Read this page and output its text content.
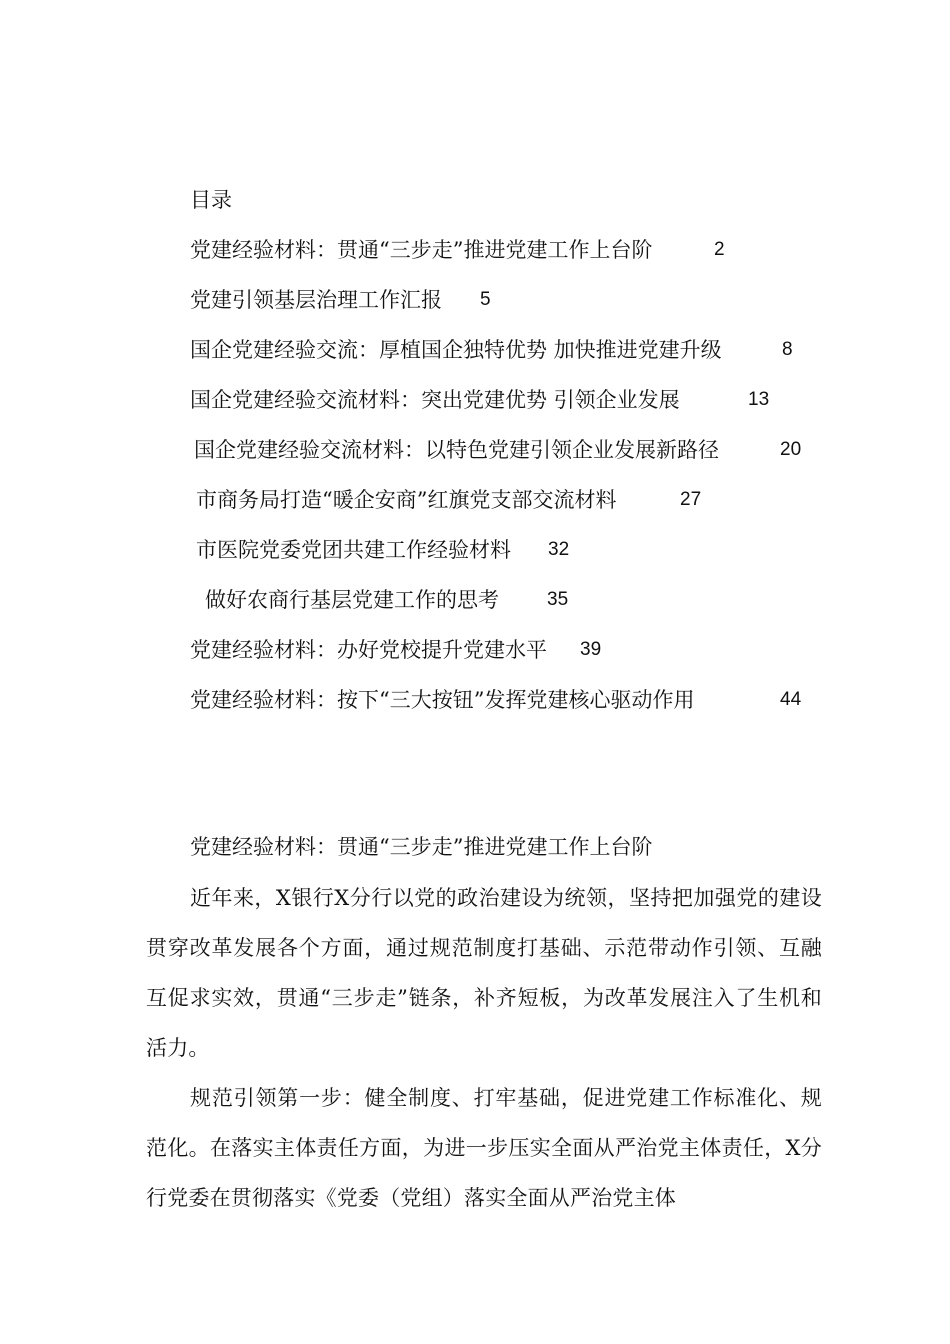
目录
党建经验材料：贯通“三步走”推进党建工作上台阶	2
党建引领基层治理工作汇报 5
国企党建经验交流：厚植国企独特优势 加快推进党建升级	8
国企党建经验交流材料：突出党建优势 引领企业发展	13
国企党建经验交流材料：以特色党建引领企业发展新路径	20
市商务局打造“暖企安商”红旗党支部交流材料	27
市医院党委党团共建工作经验材料 32
做好农商行基层党建工作的思考	35
党建经验材料：办好党校提升党建水平 39
党建经验材料：按下“三大按钮”发挥党建核心驱动作用	44
党建经验材料：贯通“三步走”推进党建工作上台阶

近年来，X银行X分行以党的政治建设为统领，坚持把加强党的建设贯穿改革发展各个方面，通过规范制度打基础、示范带动作引领、互融互促求实效，贯通“三步走”链条，补齐短板，为改革发展注入了生机和活力。

规范引领第一步：健全制度、打牢基础，促进党建工作标准化、规范化。在落实主体责任方面，为进一步压实全面从严治党主体责任，X分行党委在贯彻落实《党委（党组）落实全面从严治党主体
